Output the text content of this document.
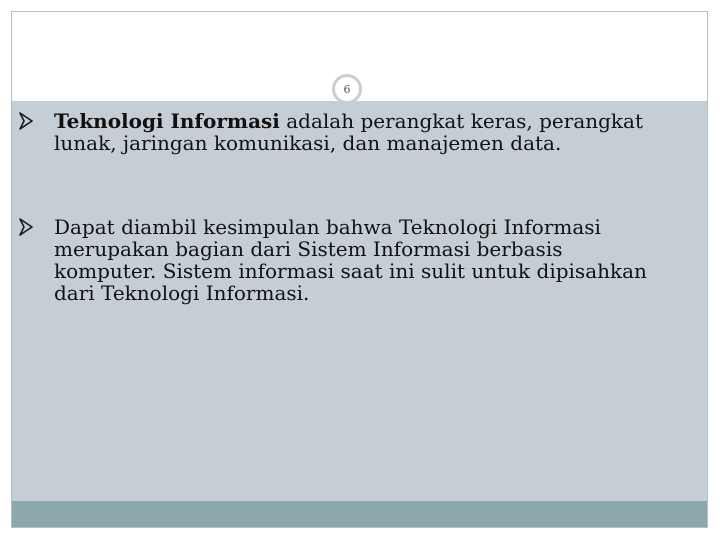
6
Teknologi Informasi adalah perangkat keras, perangkat lunak, jaringan komunikasi, dan manajemen data.
Dapat diambil kesimpulan bahwa Teknologi Informasi merupakan bagian dari Sistem Informasi berbasis komputer. Sistem informasi saat ini sulit untuk dipisahkan dari Teknologi Informasi.
